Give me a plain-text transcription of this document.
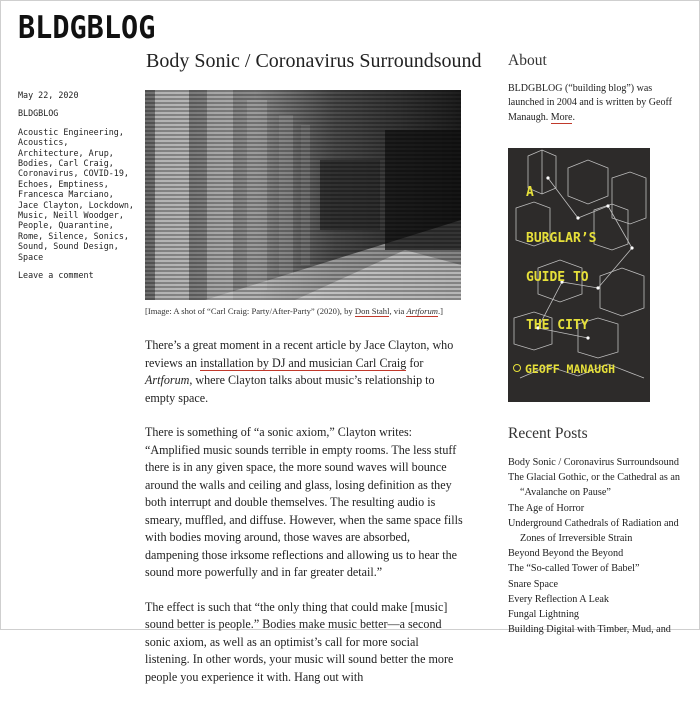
BLDGBLOG
May 22, 2020
BLDGBLOG
Acoustic Engineering, Acoustics, Architecture, Arup, Bodies, Carl Craig, Coronavirus, COVID-19, Echoes, Emptiness, Francesca Marciano, Jace Clayton, Lockdown, Music, Neill Woodger, People, Quarantine, Rome, Silence, Sonics, Sound, Sound Design, Space
Leave a comment
Body Sonic / Coronavirus Surroundsound
[Image: A shot of “Carl Craig: Party/After-Party” (2020), by Don Stahl, via Artforum.]

There’s a great moment in a recent article by Jace Clayton, who reviews an installation by DJ and musician Carl Craig for Artforum, where Clayton talks about music’s relationship to empty space.

There is something of “a sonic axiom,” Clayton writes: “Amplified music sounds terrible in empty rooms. The less stuff there is in any given space, the more sound waves will bounce around the walls and ceiling and glass, losing definition as they both interrupt and double themselves. The resulting audio is smeary, muffled, and diffuse. However, when the same space fills with bodies moving around, those waves are absorbed, dampening those irksome reflections and allowing us to hear the sound more powerfully and in far greater detail.”

The effect is such that “the only thing that could make [music] sound better is people.” Bodies make music better—a second sonic axiom, as well as an optimist’s call for more social listening. In other words, your music will sound better the more people you experience it with. Hang out with

About
BLDGBLOG (“building blog”) was launched in 2004 and is written by Geoff Manaugh. More.
A
BURGLAR’S
GUIDE TO
THE CITY
GEOFF MANAUGH
Recent Posts
Body Sonic / Coronavirus Surroundsound
The Glacial Gothic, or the Cathedral as an “Avalanche on Pause”
The Age of Horror
Underground Cathedrals of Radiation and Zones of Irreversible Strain
Beyond Beyond the Beyond
The “So-called Tower of Babel”
Snare Space
Every Reflection A Leak
Fungal Lightning
Building Digital with Timber, Mud, and
